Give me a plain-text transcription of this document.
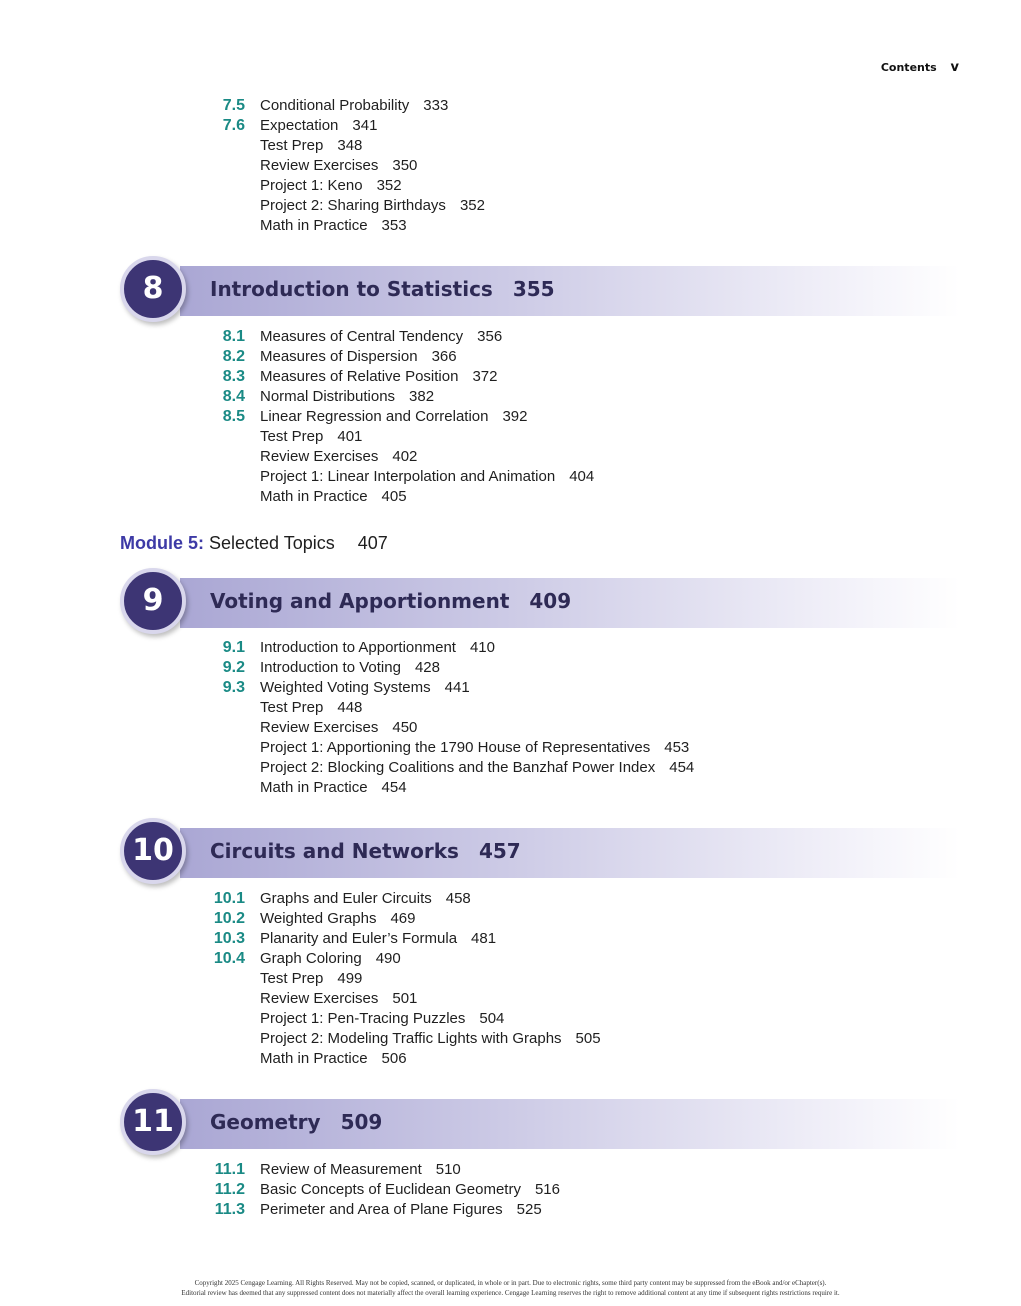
Contents v
7.5 Conditional Probability 333
7.6 Expectation 341
Test Prep 348
Review Exercises 350
Project 1: Keno 352
Project 2: Sharing Birthdays 352
Math in Practice 353
8	Introduction to Statistics 355
8.1 Measures of Central Tendency 356
8.2 Measures of Dispersion 366
8.3 Measures of Relative Position 372
8.4 Normal Distributions 382
8.5 Linear Regression and Correlation 392
Test Prep 401
Review Exercises 402
Project 1: Linear Interpolation and Animation 404
Math in Practice 405
9	Voting and Apportionment 409
9.1 Introduction to Apportionment 410
9.2 Introduction to Voting 428
9.3 Weighted Voting Systems 441
Test Prep 448
Review Exercises 450
Project 1: Apportioning the 1790 House of Representatives 453
Project 2: Blocking Coalitions and the Banzhaf Power Index 454
Math in Practice 454
10	Circuits and Networks 457
10.1 Graphs and Euler Circuits 458
10.2 Weighted Graphs 469
10.3 Planarity and Euler’s Formula 481
10.4 Graph Coloring 490
Test Prep 499
Review Exercises 501
Project 1: Pen-Tracing Puzzles 504
Project 2: Modeling Traffic Lights with Graphs 505
Math in Practice 506
11	Geometry 509
11.1 Review of Measurement 510
11.2 Basic Concepts of Euclidean Geometry 516
11.3 Perimeter and Area of Plane Figures 525
Module 5: Selected Topics 407
Copyright 2025 Cengage Learning. All Rights Reserved. May not be copied, scanned, or duplicated, in whole or in part. Due to electronic rights, some third party content may be suppressed from the eBook and/or eChapter(s).
Editorial review has deemed that any suppressed content does not materially affect the overall learning experience. Cengage Learning reserves the right to remove additional content at any time if subsequent rights restrictions require it.
